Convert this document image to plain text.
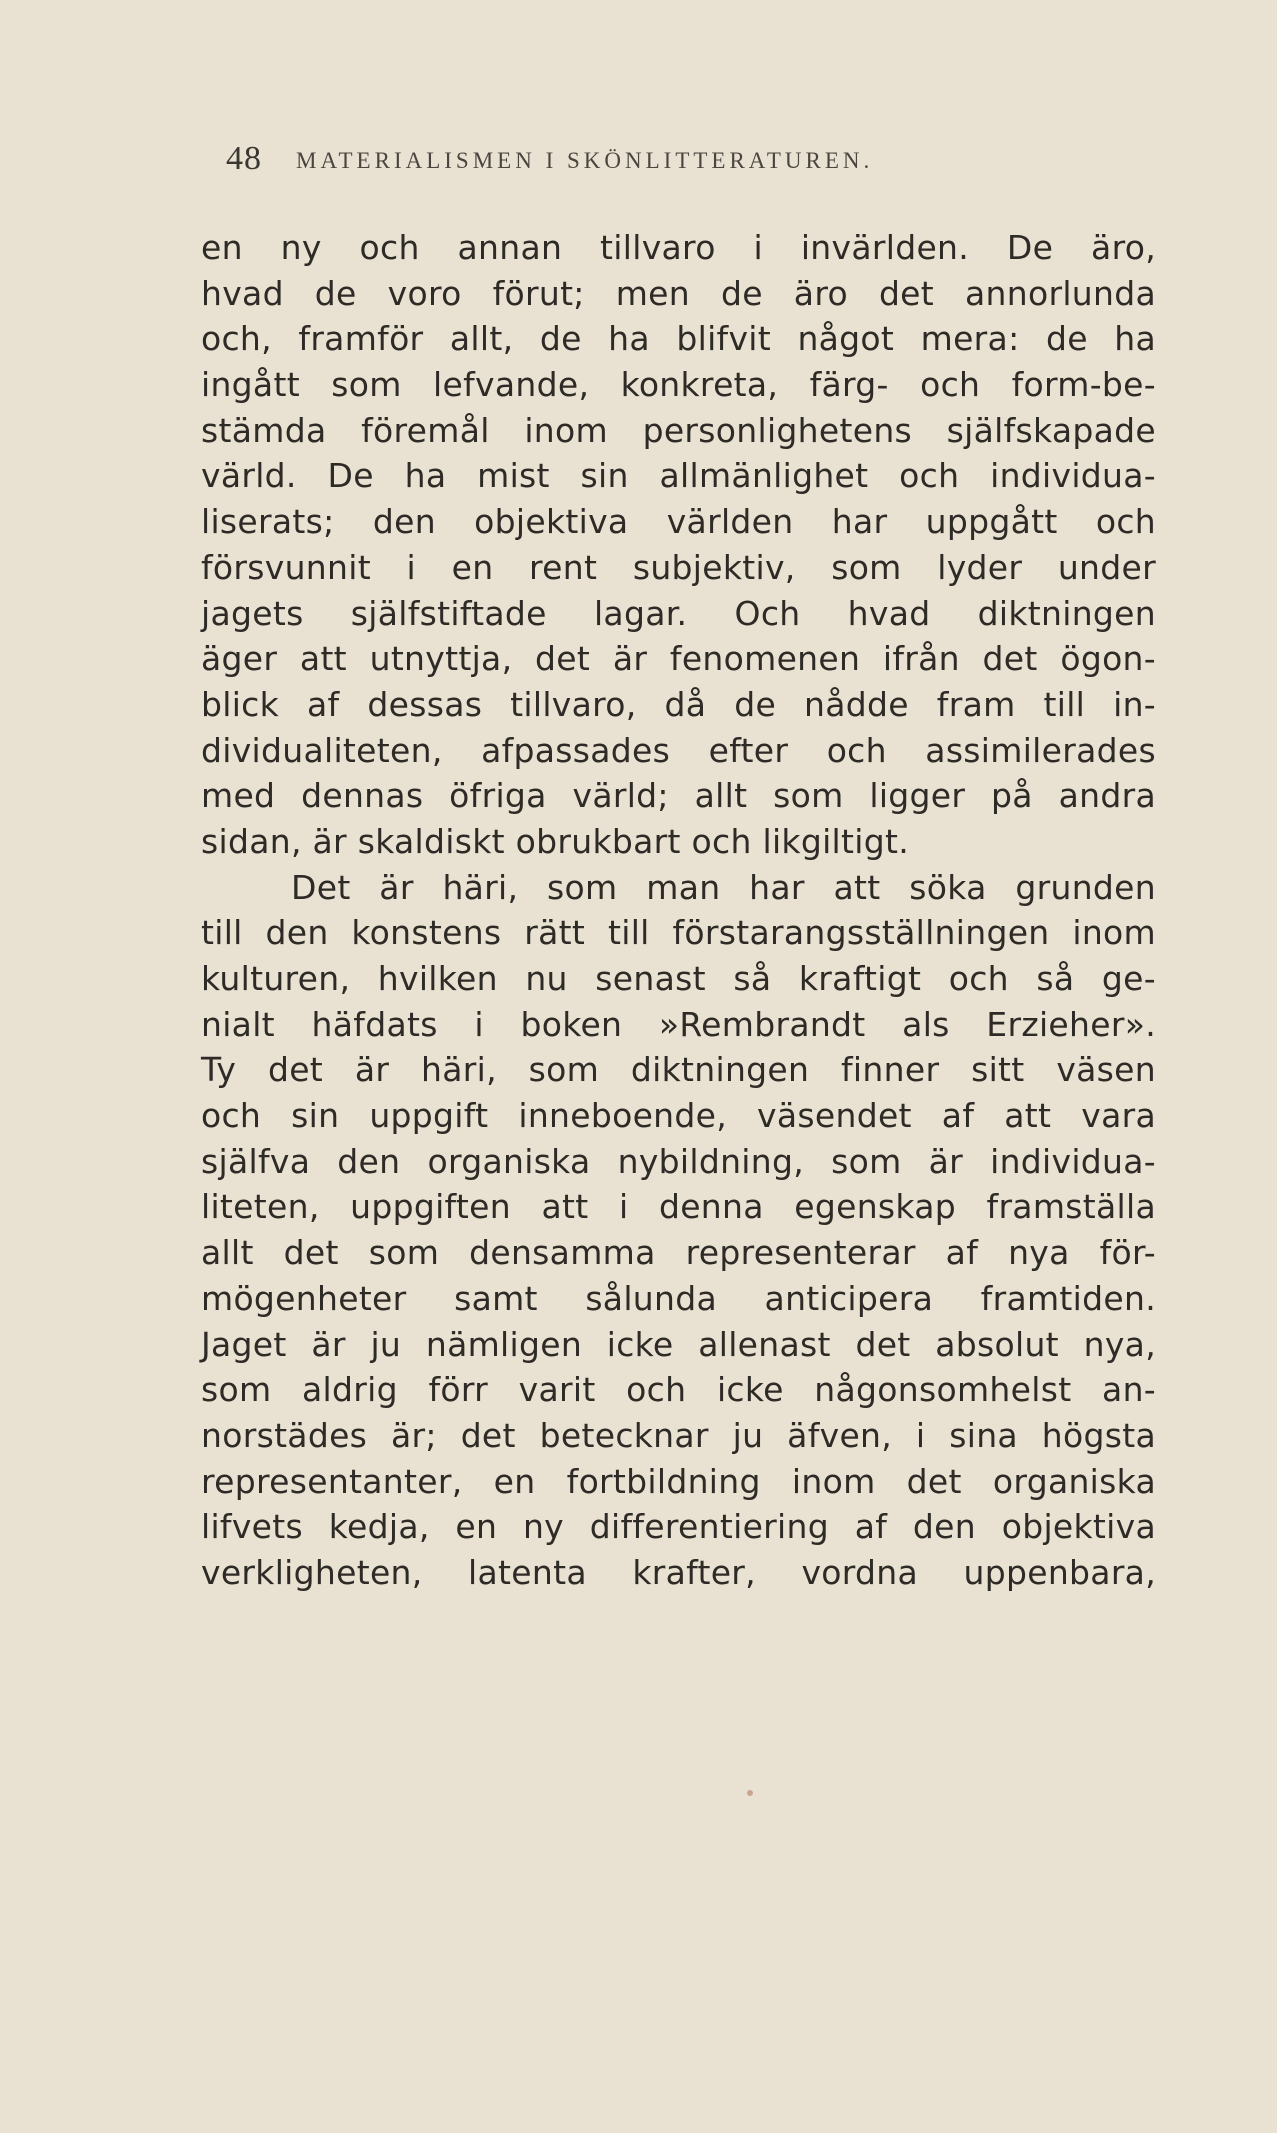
48 MATERIALISMEN I SKÖNLITTERATUREN.
en ny och annan tillvaro i invärlden. De äro,
hvad de voro förut; men de äro det annorlunda
och, framför allt, de ha blifvit något mera: de ha
ingått som lefvande, konkreta, färg- och form-be-
stämda föremål inom personlighetens själfskapade
värld. De ha mist sin allmänlighet och individua-
liserats; den objektiva världen har uppgått och
försvunnit i en rent subjektiv, som lyder under
jagets själfstiftade lagar. Och hvad diktningen
äger att utnyttja, det är fenomenen ifrån det ögon-
blick af dessas tillvaro, då de nådde fram till in-
dividualiteten, afpassades efter och assimilerades
med dennas öfriga värld; allt som ligger på andra
sidan, är skaldiskt obrukbart och likgiltigt.
Det är häri, som man har att söka grunden
till den konstens rätt till förstarangsställningen inom
kulturen, hvilken nu senast så kraftigt och så ge-
nialt häfdats i boken »Rembrandt als Erzieher».
Ty det är häri, som diktningen finner sitt väsen
och sin uppgift inneboende, väsendet af att vara
själfva den organiska nybildning, som är individua-
liteten, uppgiften att i denna egenskap framställa
allt det som densamma representerar af nya för-
mögenheter samt sålunda anticipera framtiden.
Jaget är ju nämligen icke allenast det absolut nya,
som aldrig förr varit och icke någonsomhelst an-
norstädes är; det betecknar ju äfven, i sina högsta
representanter, en fortbildning inom det organiska
lifvets kedja, en ny differentiering af den objektiva
verkligheten, latenta krafter, vordna uppenbara,
